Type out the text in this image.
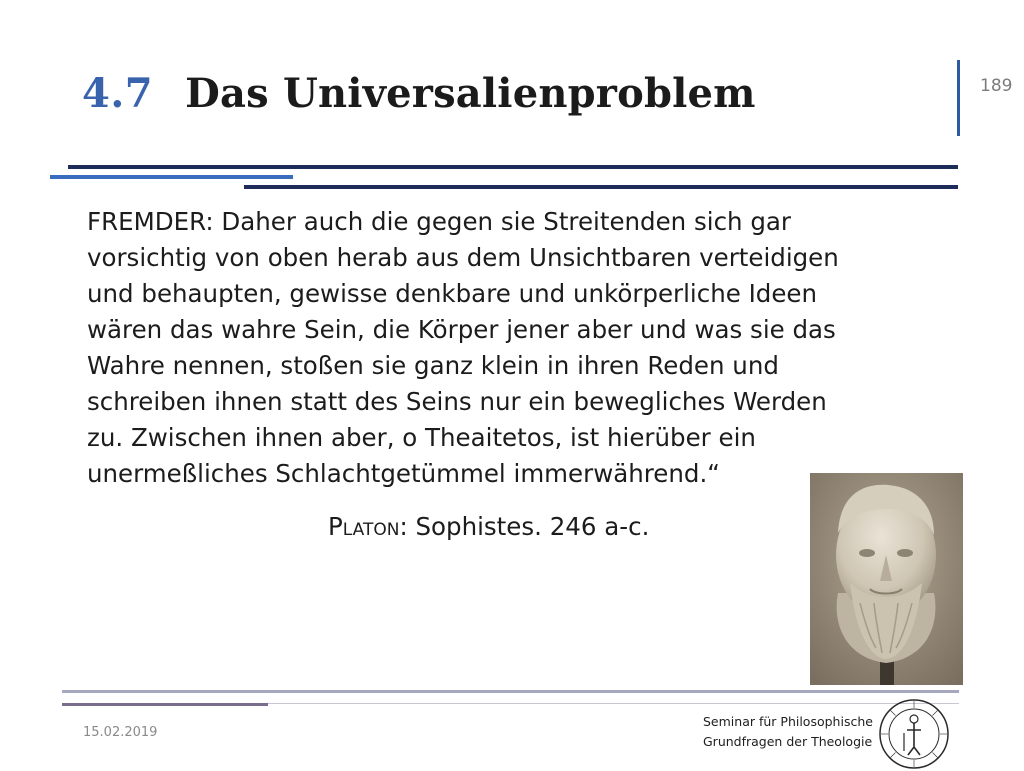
4.7 Das Universalienproblem	189
FREMDER: Daher auch die gegen sie Streitenden sich gar
vorsichtig von oben herab aus dem Unsichtbaren verteidigen
und behaupten, gewisse denkbare und unkörperliche Ideen
wären das wahre Sein, die Körper jener aber und was sie das
Wahre nennen, stoßen sie ganz klein in ihren Reden und
schreiben ihnen statt des Seins nur ein bewegliches Werden
zu. Zwischen ihnen aber, o Theaitetos, ist hierüber ein
unermeßliches Schlachtgetümmel immerwährend.“
Platon: Sophistes. 246 a-c.
15.02.2019
Seminar für Philosophische
Grundfragen der Theologie
